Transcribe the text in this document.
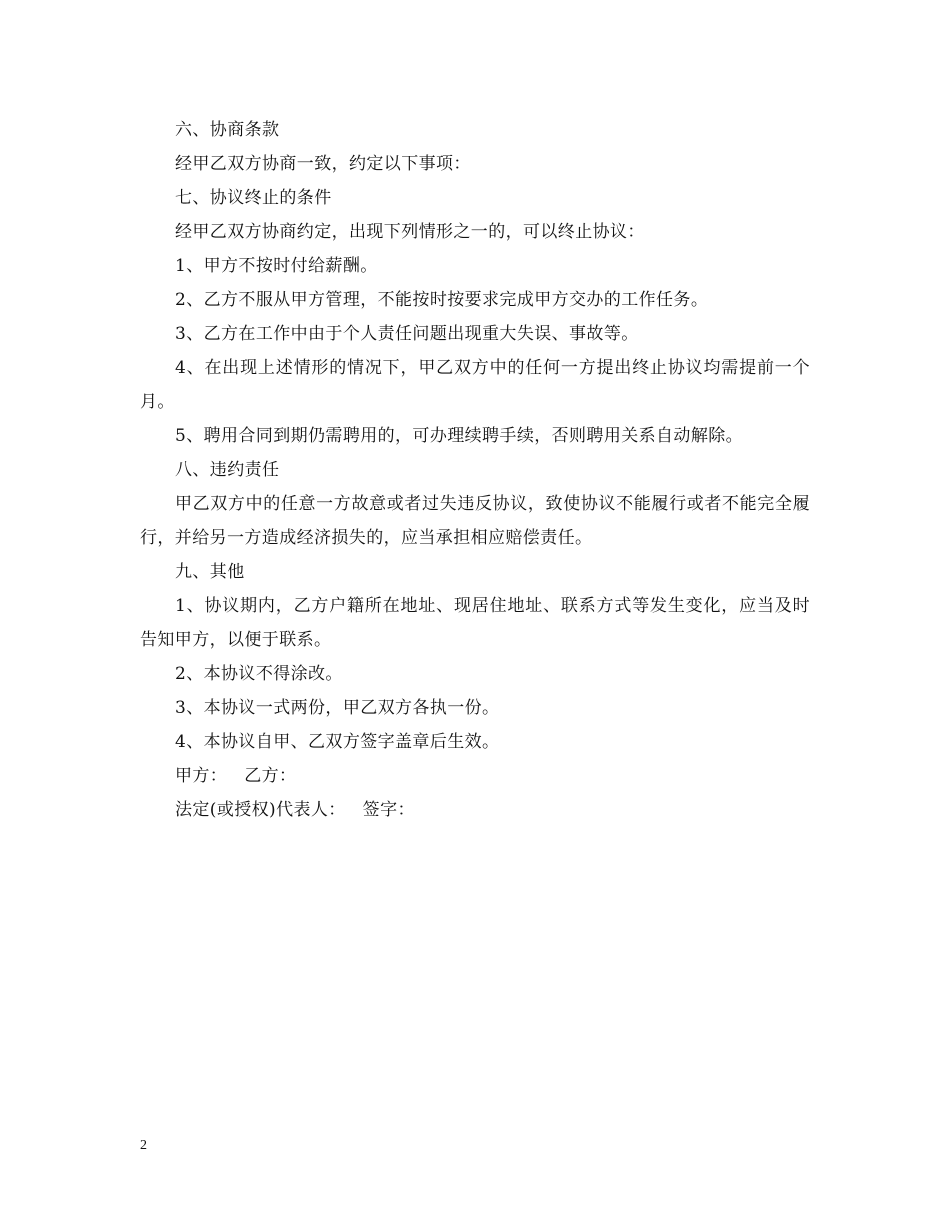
六、协商条款

经甲乙双方协商一致，约定以下事项：

七、协议终止的条件

经甲乙双方协商约定，出现下列情形之一的，可以终止协议：

1、甲方不按时付给薪酬。

2、乙方不服从甲方管理，不能按时按要求完成甲方交办的工作任务。

3、乙方在工作中由于个人责任问题出现重大失误、事故等。

4、在出现上述情形的情况下，甲乙双方中的任何一方提出终止协议均需提前一个月。

5、聘用合同到期仍需聘用的，可办理续聘手续，否则聘用关系自动解除。

八、违约责任

甲乙双方中的任意一方故意或者过失违反协议，致使协议不能履行或者不能完全履行，并给另一方造成经济损失的，应当承担相应赔偿责任。

九、其他

1、协议期内，乙方户籍所在地址、现居住地址、联系方式等发生变化，应当及时告知甲方，以便于联系。

2、本协议不得涂改。

3、本协议一式两份，甲乙双方各执一份。

4、本协议自甲、乙双方签字盖章后生效。

甲方： 乙方：

法定(或授权)代表人： 签字：

2
